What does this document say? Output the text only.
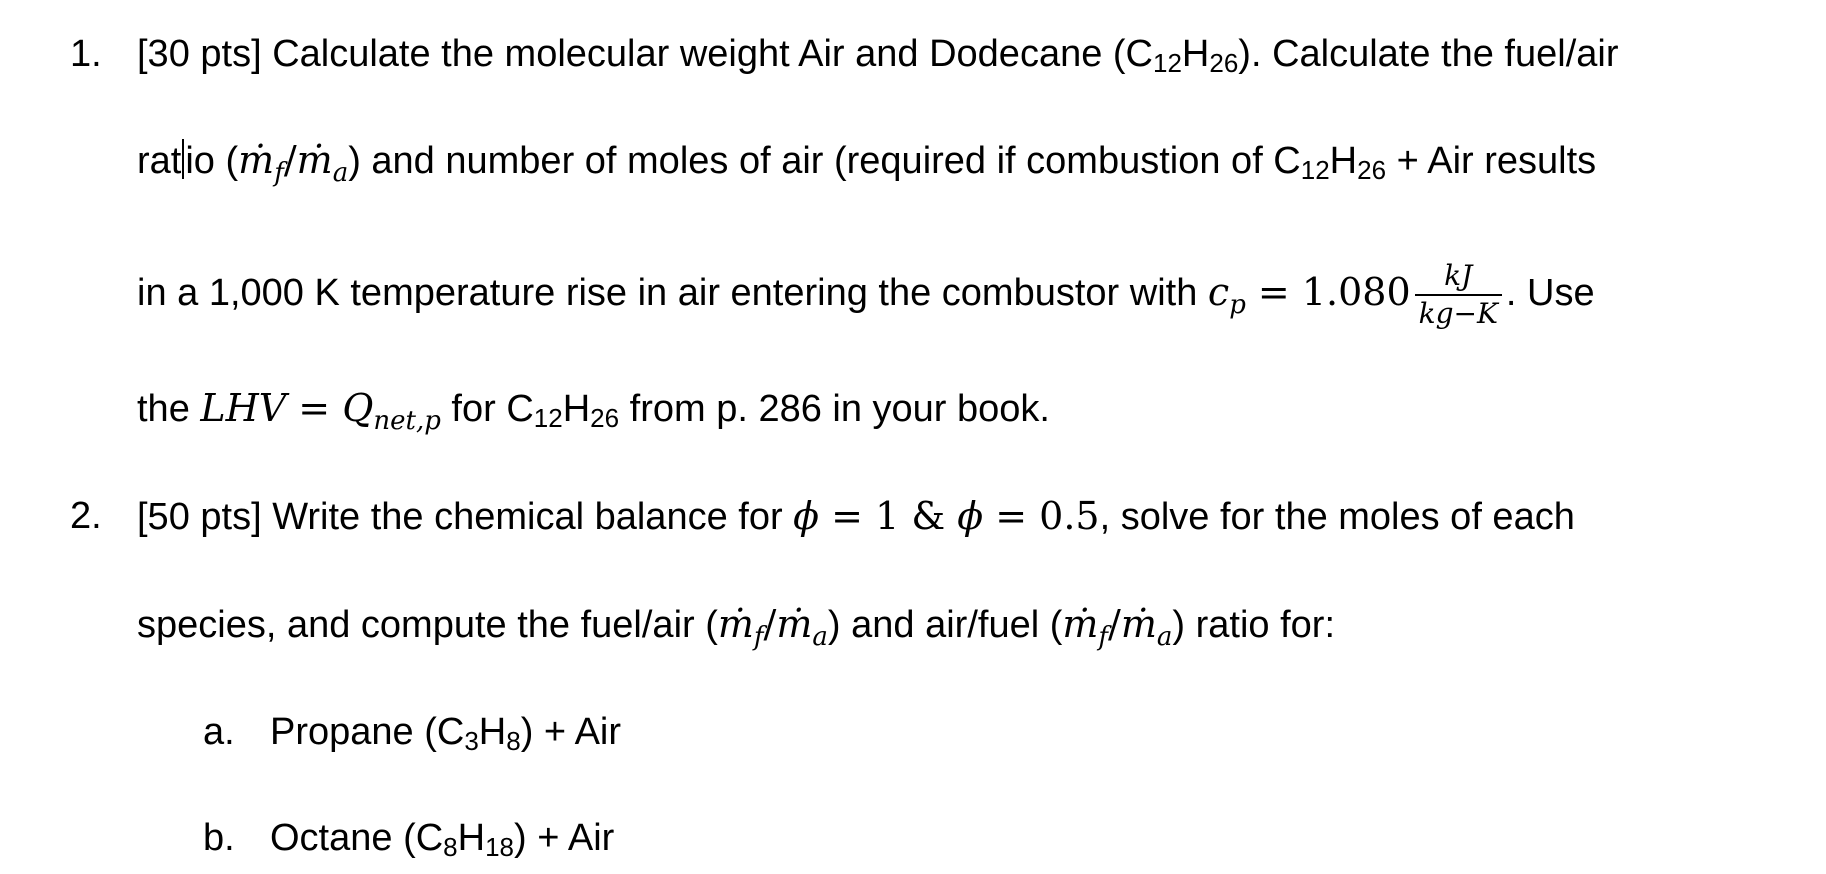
1. [30 pts] Calculate the molecular weight Air and Dodecane $(C_{12}H_{26})$. Calculate the fuel/air
rat io (ṁ$_f$/ṁ$_a$) and number of moles of air (required if combustion of $C_{12}H_{26}$ + Air results
in a 1,000 K temperature rise in air entering the combustor with $c_p = 1.080 \frac{kJ}{kg-K}$ . Use
the LHV = $Q_{net,p}$ for $C_{12}H_{26}$ from p. 286 in your book.
2. [50 pts] Write the chemical balance for ϕ = 1 & ϕ = 0.5, solve for the moles of each
species, and compute the fuel/air (ṁ$_f$/ṁ$_a$) and air/fuel (ṁ$_f$/ṁ$_a$) ratio for:
a. Propane $(C_3H_8)$ + Air
b. Octane $(C_8H_{18})$ + Air
